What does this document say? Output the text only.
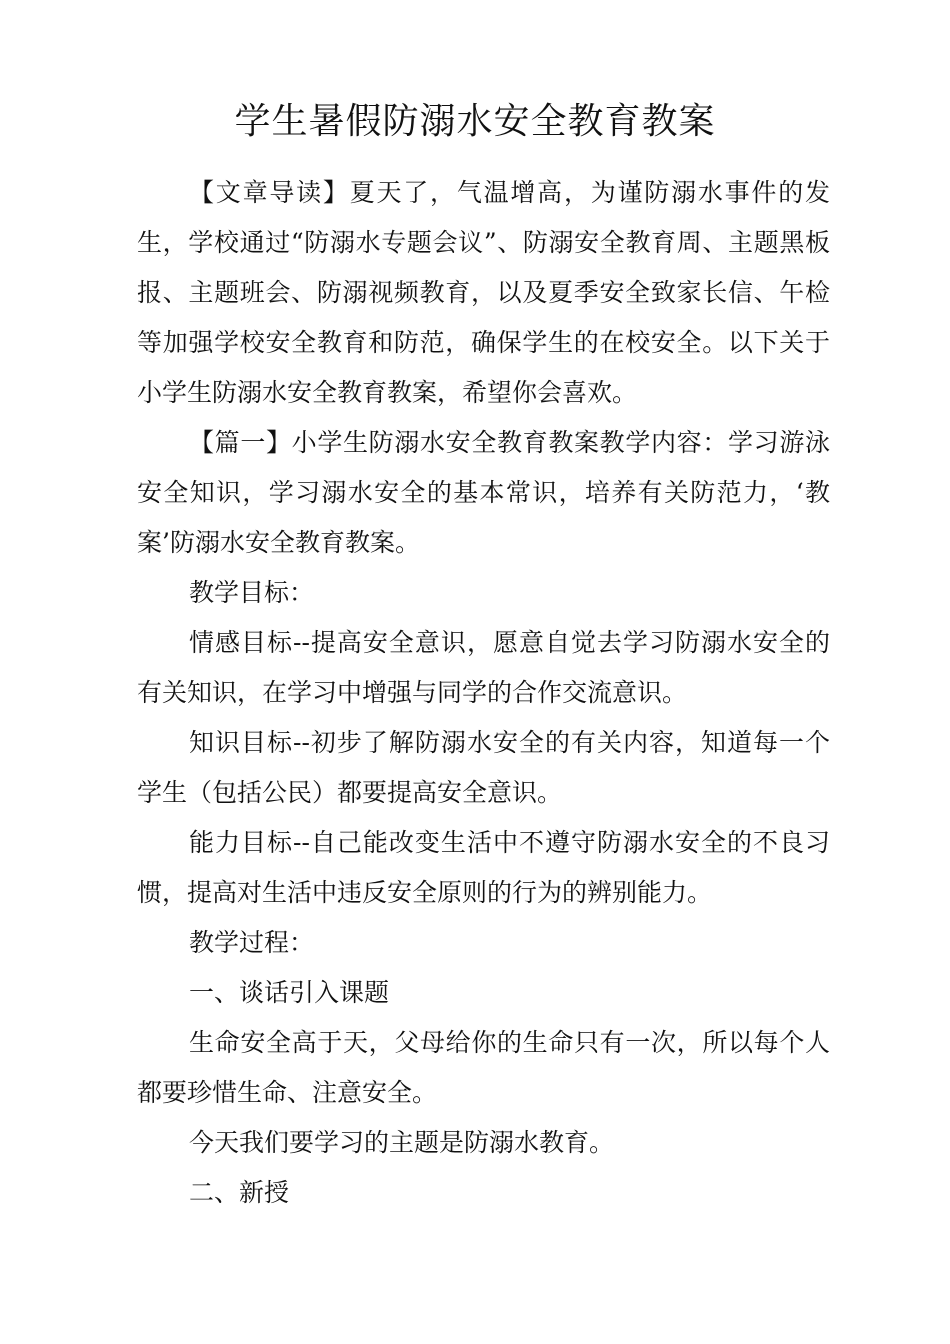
学生暑假防溺水安全教育教案

【文章导读】夏天了，气温增高，为谨防溺水事件的发生，学校通过“防溺水专题会议”、防溺安全教育周、主题黑板报、主题班会、防溺视频教育，以及夏季安全致家长信、午检等加强学校安全教育和防范，确保学生的在校安全。以下关于小学生防溺水安全教育教案，希望你会喜欢。

【篇一】小学生防溺水安全教育教案教学内容：学习游泳安全知识，学习溺水安全的基本常识，培养有关防范力，‘教案’防溺水安全教育教案。

教学目标：

情感目标--提高安全意识，愿意自觉去学习防溺水安全的有关知识，在学习中增强与同学的合作交流意识。

知识目标--初步了解防溺水安全的有关内容，知道每一个学生（包括公民）都要提高安全意识。

能力目标--自己能改变生活中不遵守防溺水安全的不良习惯，提高对生活中违反安全原则的行为的辨别能力。

教学过程：

一、谈话引入课题

生命安全高于天，父母给你的生命只有一次，所以每个人都要珍惜生命、注意安全。

今天我们要学习的主题是防溺水教育。

二、新授
